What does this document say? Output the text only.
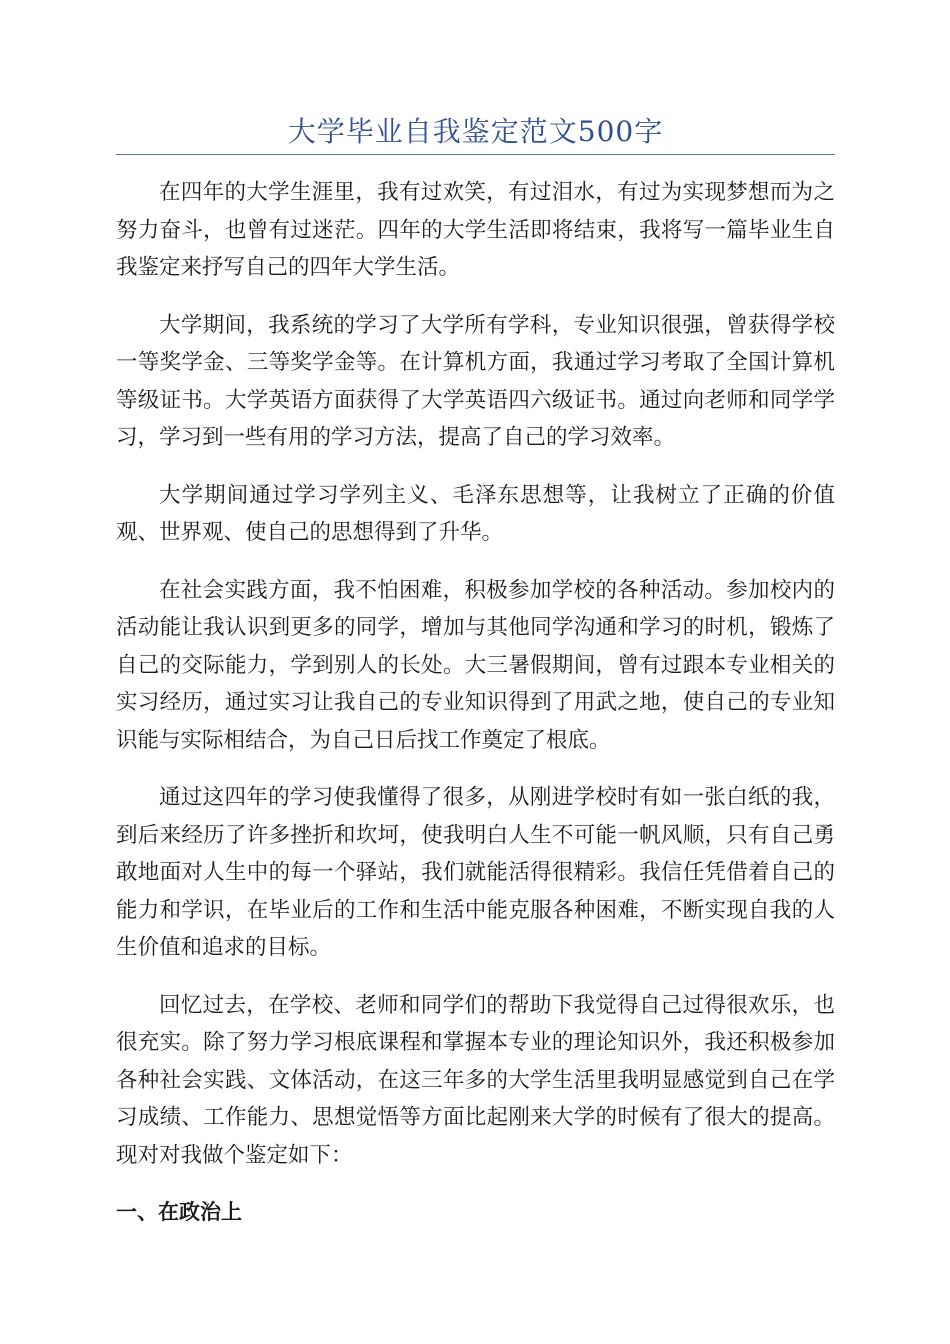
大学毕业自我鉴定范文500字

在四年的大学生涯里，我有过欢笑，有过泪水，有过为实现梦想而为之努力奋斗，也曾有过迷茫。四年的大学生活即将结束，我将写一篇毕业生自我鉴定来抒写自己的四年大学生活。

大学期间，我系统的学习了大学所有学科，专业知识很强，曾获得学校一等奖学金、三等奖学金等。在计算机方面，我通过学习考取了全国计算机等级证书。大学英语方面获得了大学英语四六级证书。通过向老师和同学学习，学习到一些有用的学习方法，提高了自己的学习效率。

大学期间通过学习学列主义、毛泽东思想等，让我树立了正确的价值观、世界观、使自己的思想得到了升华。

在社会实践方面，我不怕困难，积极参加学校的各种活动。参加校内的活动能让我认识到更多的同学，增加与其他同学沟通和学习的时机，锻炼了自己的交际能力，学到别人的长处。大三暑假期间，曾有过跟本专业相关的实习经历，通过实习让我自己的专业知识得到了用武之地，使自己的专业知识能与实际相结合，为自己日后找工作奠定了根底。

通过这四年的学习使我懂得了很多，从刚进学校时有如一张白纸的我，到后来经历了许多挫折和坎坷，使我明白人生不可能一帆风顺，只有自己勇敢地面对人生中的每一个驿站，我们就能活得很精彩。我信任凭借着自己的能力和学识，在毕业后的工作和生活中能克服各种困难，不断实现自我的人生价值和追求的目标。

回忆过去，在学校、老师和同学们的帮助下我觉得自己过得很欢乐，也很充实。除了努力学习根底课程和掌握本专业的理论知识外，我还积极参加各种社会实践、文体活动，在这三年多的大学生活里我明显感觉到自己在学习成绩、工作能力、思想觉悟等方面比起刚来大学的时候有了很大的提高。现对对我做个鉴定如下：

一、在政治上
